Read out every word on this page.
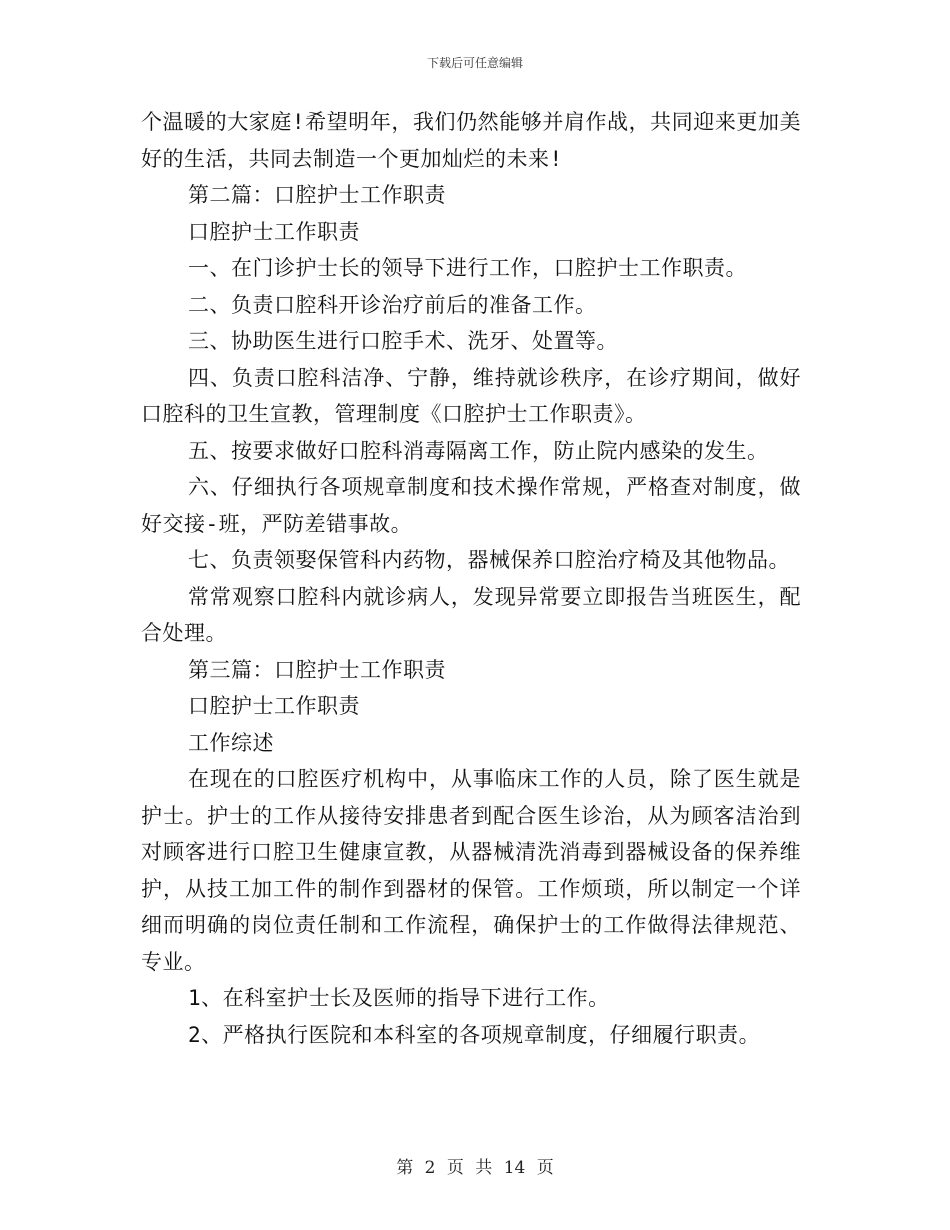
下载后可任意编辑

个温暖的大家庭!希望明年，我们仍然能够并肩作战，共同迎来更加美好的生活，共同去制造一个更加灿烂的未来!

第二篇：口腔护士工作职责

口腔护士工作职责

一、在门诊护士长的领导下进行工作，口腔护士工作职责。

二、负责口腔科开诊治疗前后的准备工作。

三、协助医生进行口腔手术、洗牙、处置等。

四、负责口腔科洁净、宁静，维持就诊秩序，在诊疗期间，做好口腔科的卫生宣教，管理制度《口腔护士工作职责》。

五、按要求做好口腔科消毒隔离工作，防止院内感染的发生。

六、仔细执行各项规章制度和技术操作常规，严格查对制度，做好交接-班，严防差错事故。

七、负责领娶保管科内药物，器械保养口腔治疗椅及其他物品。

常常观察口腔科内就诊病人，发现异常要立即报告当班医生，配合处理。

第三篇：口腔护士工作职责

口腔护士工作职责

工作综述

在现在的口腔医疗机构中，从事临床工作的人员，除了医生就是护士。护士的工作从接待安排患者到配合医生诊治，从为顾客洁治到对顾客进行口腔卫生健康宣教，从器械清洗消毒到器械设备的保养维护，从技工加工件的制作到器材的保管。工作烦琐，所以制定一个详细而明确的岗位责任制和工作流程，确保护士的工作做得法律规范、专业。

1、在科室护士长及医师的指导下进行工作。

2、严格执行医院和本科室的各项规章制度，仔细履行职责。

第 2 页 共 14 页
